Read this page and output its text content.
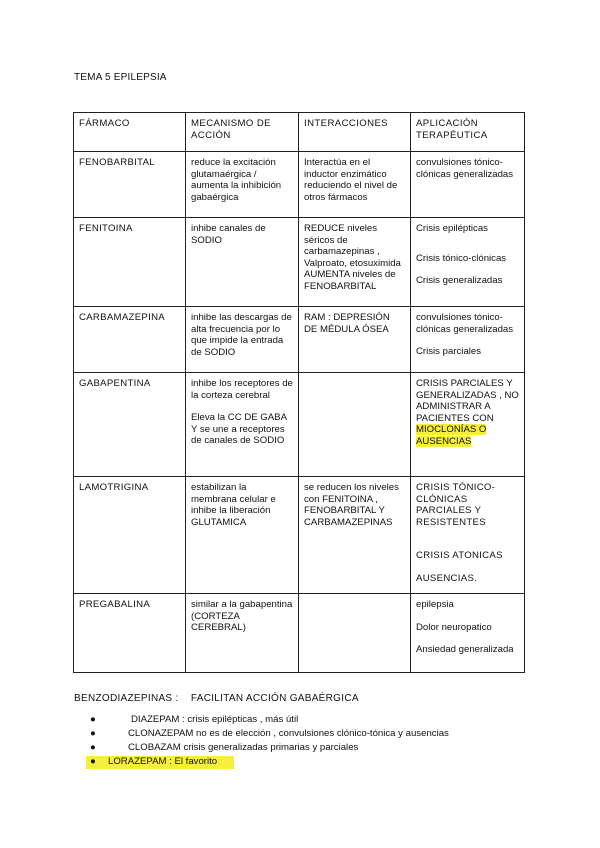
TEMA 5 EPILEPSIA
FÁRMACO	MECANISMO DE ACCIÓN	INTERACCIONES	APLICACIÓN TERAPÉUTICA
FENOBARBITAL	reduce la excitación glutamaérgica / aumenta la inhibición gabaérgica	Interactúa en el inductor enzimático reduciendo el nivel de otros fármacos	convulsiones tónico-clónicas generalizadas

FENITOINA	inhibe canales de SODIO	REDUCE niveles séricos de carbamazepinas , Valproato, etosuximida AUMENTA niveles de FENOBARBITAL	Crisis epilépticas
Crisis tónico-clónicas
Crisis generalizadas

CARBAMAZEPINA	inhibe las descargas de alta frecuencia por lo que impide la entrada de SODIO	RAM : DEPRESIÓN DE MÉDULA ÓSEA	convulsiones tónico-clónicas generalizadas
Crisis parciales

GABAPENTINA	inhibe los receptores de la corteza cerebral
Eleva la CC DE GABA Y se une a receptores de canales de SODIO		CRISIS PARCIALES Y GENERALIZADAS , NO ADMINISTRAR A PACIENTES CON MIOCLONÍAS O AUSENCIAS
LAMOTRIGINA	estabilizan la membrana celular e inhibe la liberación GLUTAMICA	se reducen los niveles con FENITOINA , FENOBARBITAL Y CARBAMAZEPINAS	CRISIS TÓNICO-CLÓNICAS PARCIALES Y RESISTENTES
CRISIS ATONICAS
AUSENCIAS.

PREGABALINA	similar a la gabapentina (CORTEZA CEREBRAL)		epilepsia
Dolor neuropatico
Ansiedad generalizada
BENZODIAZEPINAS :    FACILITAN ACCIÓN GABAÉRGICA
●	DIAZEPAM : crisis epilépticas , más útil
●	CLONAZEPAM no es de elección , convulsiones clónico-tónica y ausencias
●	CLOBAZAM crisis generalizadas primarias y parciales
● LORAZEPAM : El favorito
